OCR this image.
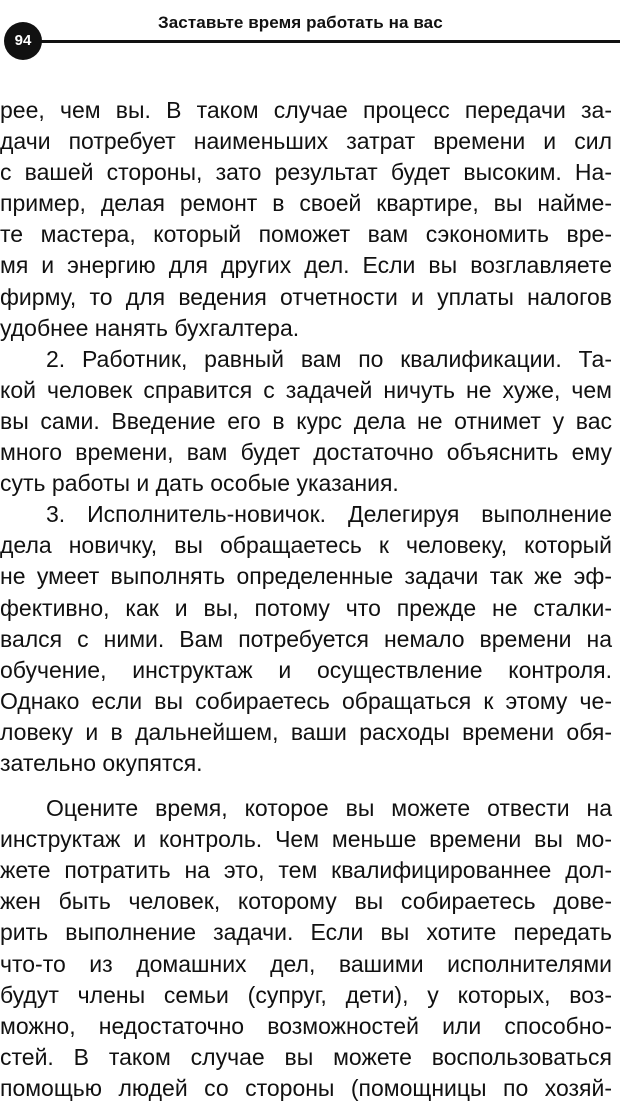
94
Заставьте время работать на вас
рее, чем вы. В таком случае процесс передачи за-
дачи потребует наименьших затрат времени и сил
с вашей стороны, зато результат будет высоким. На-
пример, делая ремонт в своей квартире, вы найме-
те мастера, который поможет вам сэкономить вре-
мя и энергию для других дел. Если вы возглавляете
фирму, то для ведения отчетности и уплаты налогов
удобнее нанять бухгалтера.
2. Работник, равный вам по квалификации. Та-
кой человек справится с задачей ничуть не хуже, чем
вы сами. Введение его в курс дела не отнимет у вас
много времени, вам будет достаточно объяснить ему
суть работы и дать особые указания.
3. Исполнитель-новичок. Делегируя выполнение
дела новичку, вы обращаетесь к человеку, который
не умеет выполнять определенные задачи так же эф-
фективно, как и вы, потому что прежде не сталки-
вался с ними. Вам потребуется немало времени на
обучение, инструктаж и осуществление контроля.
Однако если вы собираетесь обращаться к этому че-
ловеку и в дальнейшем, ваши расходы времени обя-
зательно окупятся.
Оцените время, которое вы можете отвести на
инструктаж и контроль. Чем меньше времени вы мо-
жете потратить на это, тем квалифицированнее дол-
жен быть человек, которому вы собираетесь дове-
рить выполнение задачи. Если вы хотите передать
что-то из домашних дел, вашими исполнителями
будут члены семьи (супруг, дети), у которых, воз-
можно, недостаточно возможностей или способно-
стей. В таком случае вы можете воспользоваться
помощью людей со стороны (помощницы по хозяй-
